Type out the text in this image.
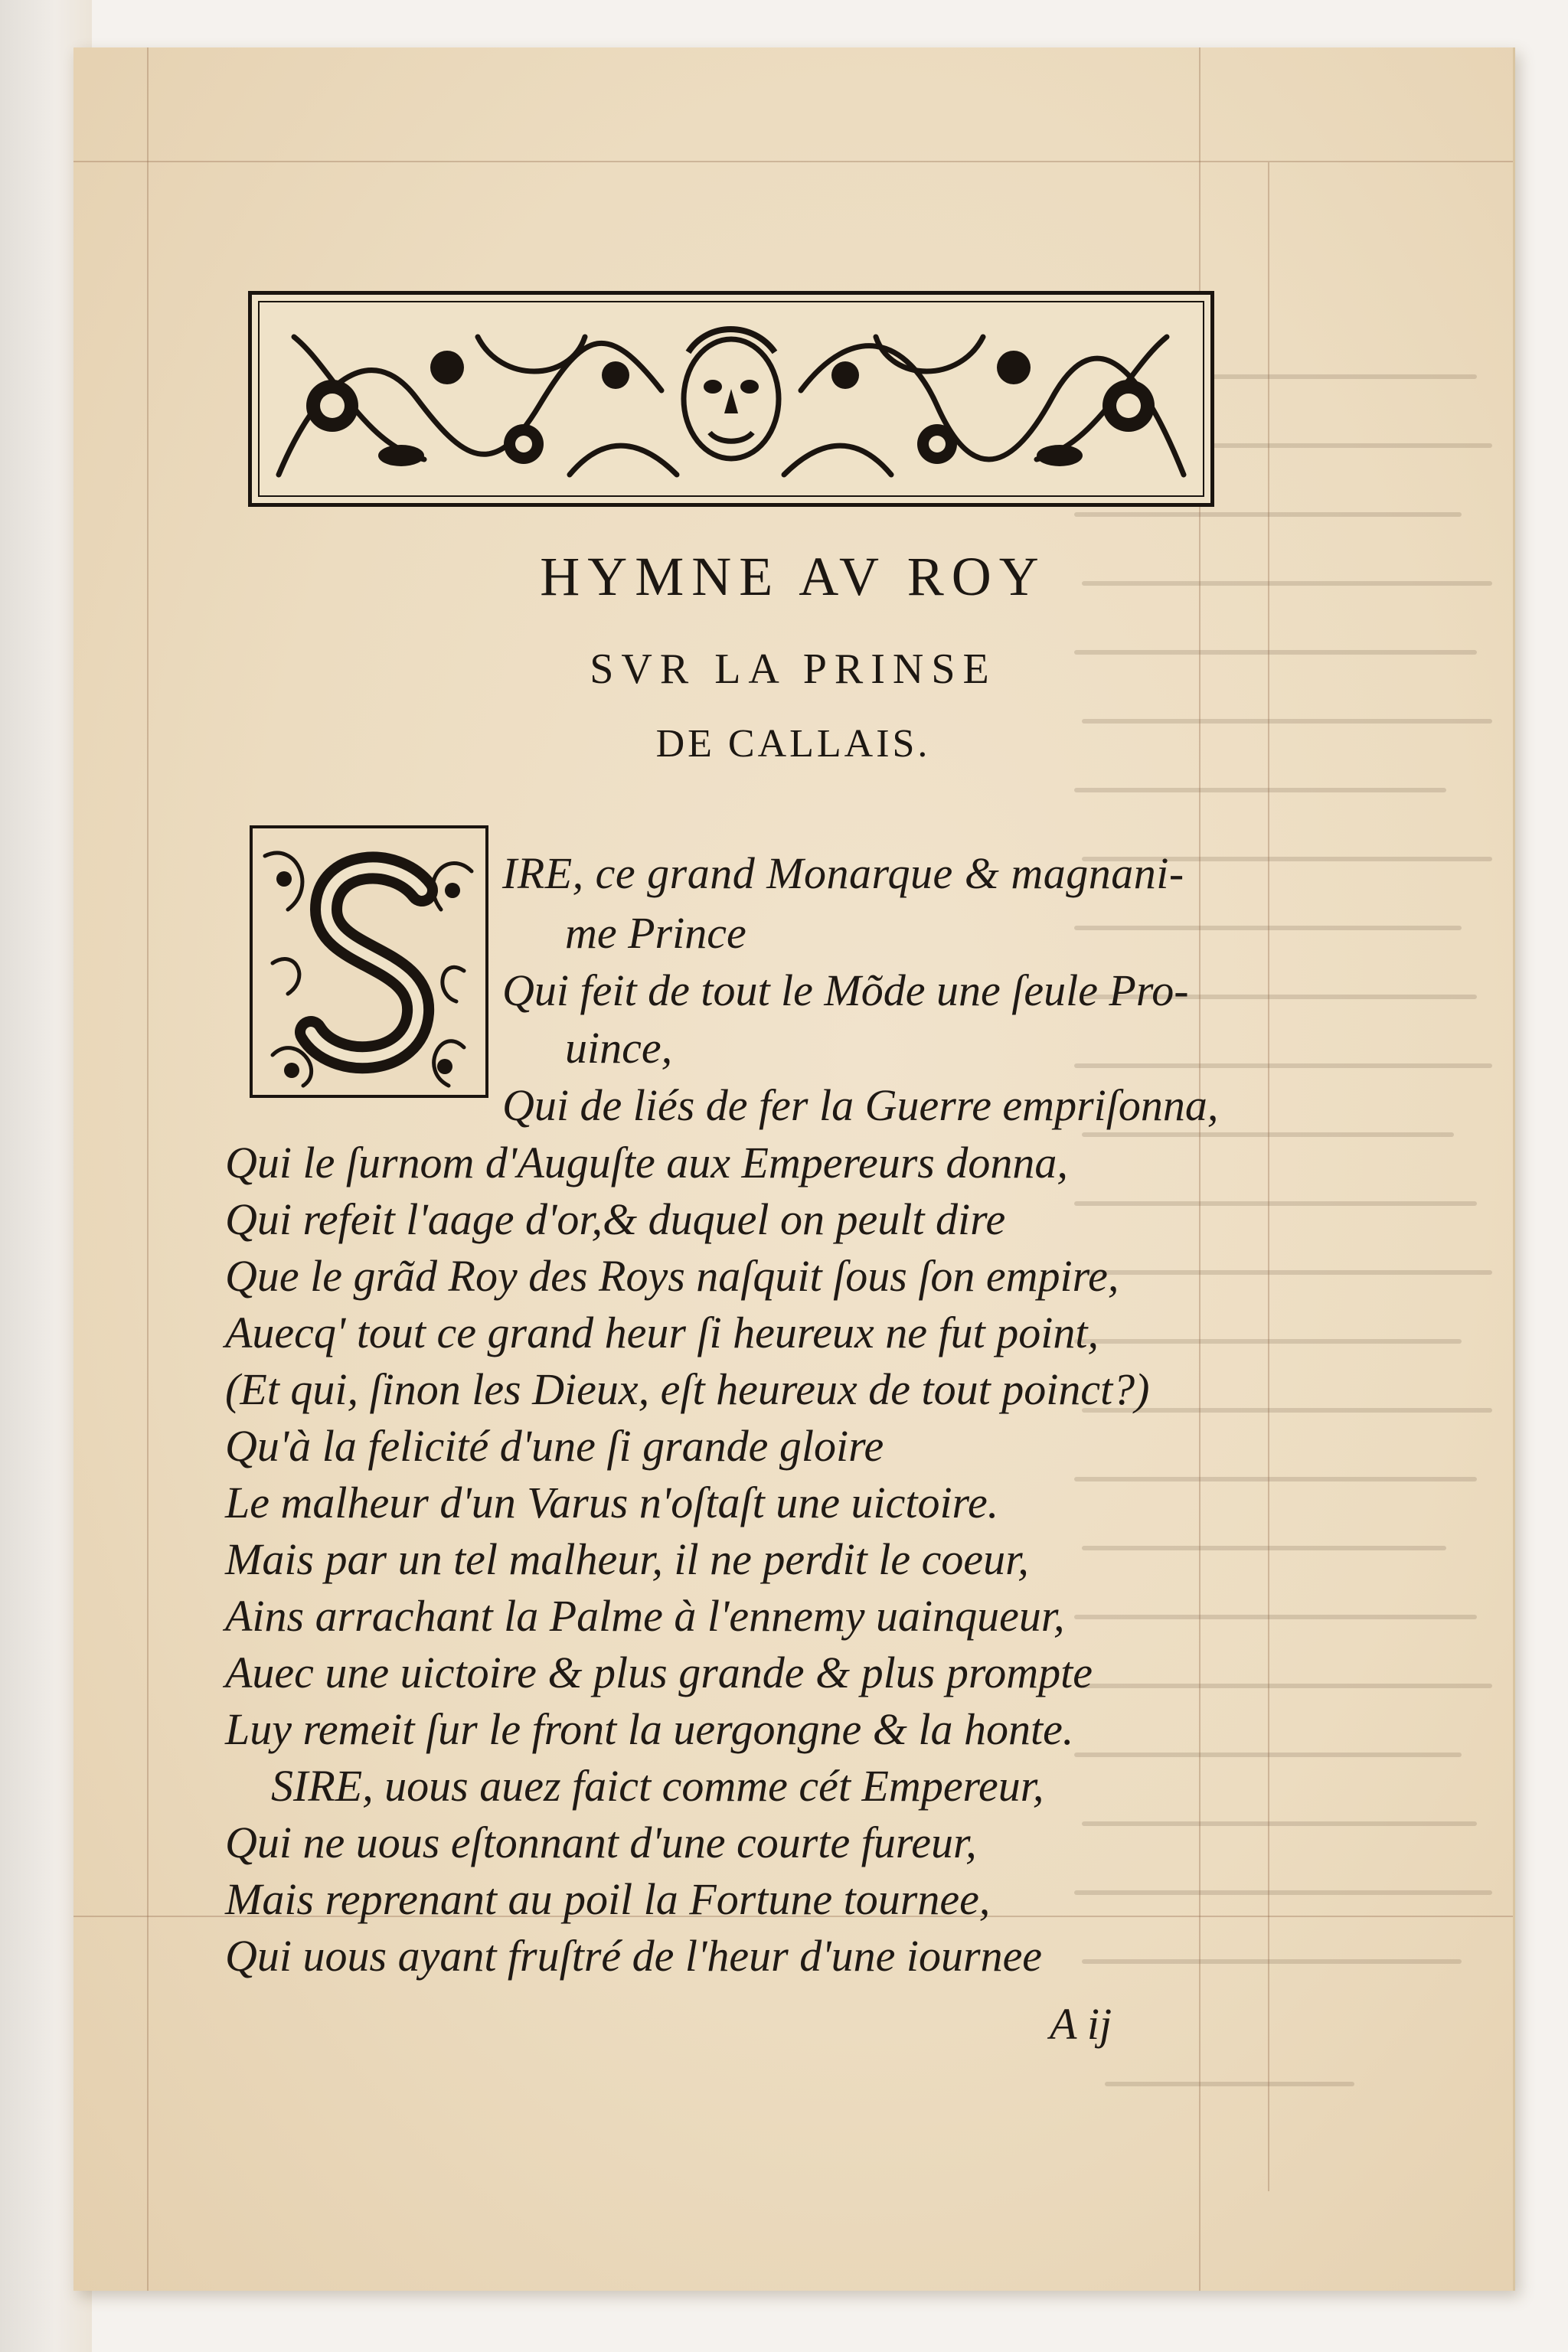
HYMNE AV ROY
SVR LA PRINSE
DE CALLAIS.
IRE, ce grand Monarque & magnani-
me Prince
Qui feit de tout le Mõde une ſeule Pro-
uince,
Qui de liés de fer la Guerre empriſonna,
Qui le ſurnom d'Auguſte aux Empereurs donna,
Qui refeit l'aage d'or,& duquel on peult dire
Que le grãd Roy des Roys naſquit ſous ſon empire,
Auecq' tout ce grand heur ſi heureux ne fut point,
(Et qui, ſinon les Dieux, eſt heureux de tout poinct?)
Qu'à la felicité d'une ſi grande gloire
Le malheur d'un Varus n'oſtaſt une uictoire.
Mais par un tel malheur, il ne perdit le coeur,
Ains arrachant la Palme à l'ennemy uainqueur,
Auec une uictoire & plus grande & plus prompte
Luy remeit ſur le front la uergongne & la honte.
SIRE, uous auez faict comme cét Empereur,
Qui ne uous eſtonnant d'une courte fureur,
Mais reprenant au poil la Fortune tournee,
Qui uous ayant fruſtré de l'heur d'une iournee
A ij
